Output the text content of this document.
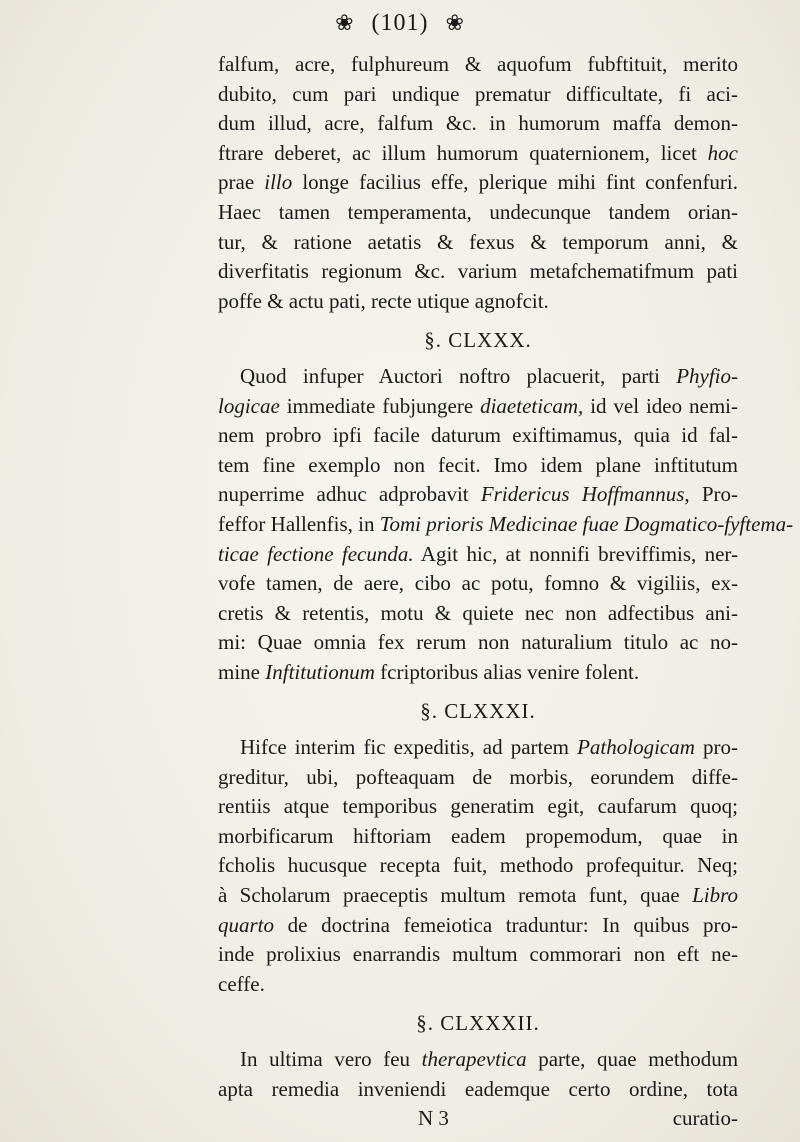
❀ (101) ❀

falfum, acre, fulphureum & aquofum fubftituit, merito
dubito, cum pari undique prematur difficultate, fi aci-
dum illud, acre, falfum &c. in humorum maffa demon-
ftrare deberet, ac illum humorum quaternionem, licet hoc
prae illo longe facilius effe, plerique mihi fint confenfuri.
Haec tamen temperamenta, undecunque tandem orian-
tur, & ratione aetatis & fexus & temporum anni, &
diverfitatis regionum &c. varium metafchematifmum pati
poffe & actu pati, recte utique agnofcit.

§. CLXXX.

Quod infuper Auctori noftro placuerit, parti Phyfio-
logicae immediate fubjungere diaeteticam, id vel ideo nemi-
nem probro ipfi facile daturum exiftimamus, quia id fal-
tem fine exemplo non fecit. Imo idem plane inftitutum
nuperrime adhuc adprobavit Fridericus Hoffmannus, Pro-
feffor Hallenfis, in Tomi prioris Medicinae fuae Dogmatico-fyftema-
ticae fectione fecunda. Agit hic, at nonnifi breviffimis, ner-
vofe tamen, de aere, cibo ac potu, fomno & vigiliis, ex-
cretis & retentis, motu & quiete nec non adfectibus ani-
mi: Quae omnia fex rerum non naturalium titulo ac no-
mine Inftitutionum fcriptoribus alias venire folent.

§. CLXXXI.

Hifce interim fic expeditis, ad partem Pathologicam pro-
greditur, ubi, pofteaquam de morbis, eorundem diffe-
rentiis atque temporibus generatim egit, caufarum quoq;
morbificarum hiftoriam eadem propemodum, quae in
fcholis hucusque recepta fuit, methodo profequitur. Neq;
à Scholarum praeceptis multum remota funt, quae Libro
quarto de doctrina femeiotica traduntur: In quibus pro-
inde prolixius enarrandis multum commorari non eft ne-
ceffe.

§. CLXXXII.

In ultima vero feu therapevtica parte, quae methodum
apta remedia inveniendi eademque certo ordine, tota
N 3	curatio-
